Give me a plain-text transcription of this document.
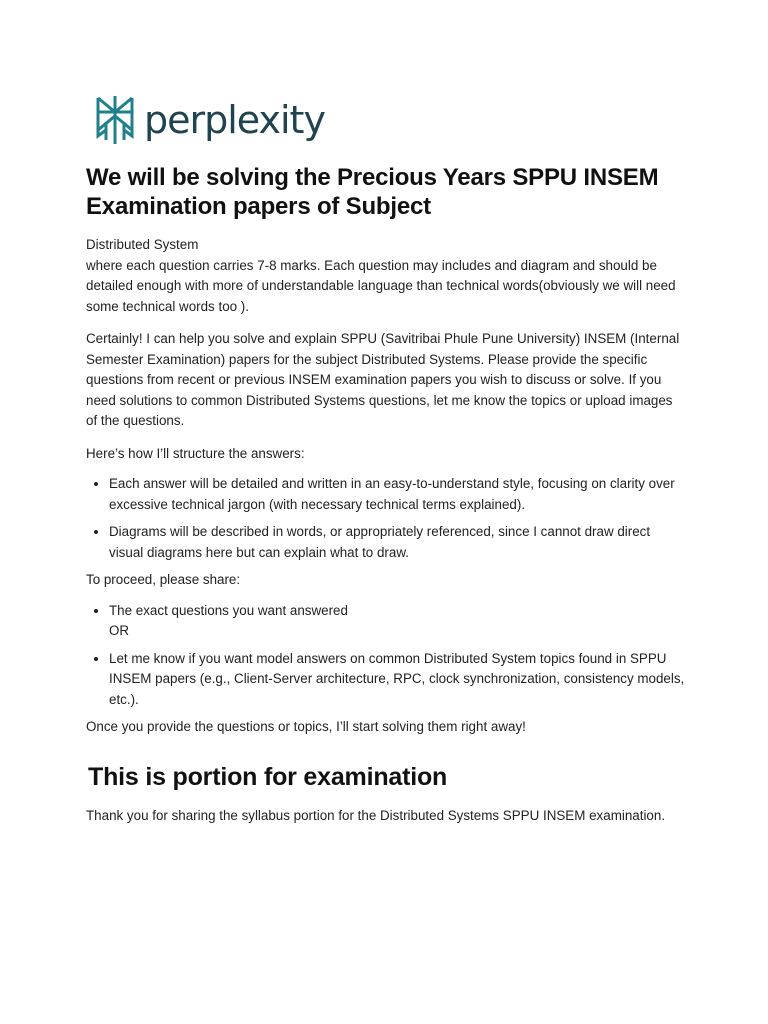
perplexity
We will be solving the Precious Years SPPU INSEM Examination papers of Subject

Distributed System

where each question carries 7-8 marks. Each question may includes and diagram and should be detailed enough with more of understandable language than technical words(obviously we will need some technical words too ).

Certainly! I can help you solve and explain SPPU (Savitribai Phule Pune University) INSEM (Internal Semester Examination) papers for the subject Distributed Systems. Please provide the specific questions from recent or previous INSEM examination papers you wish to discuss or solve. If you need solutions to common Distributed Systems questions, let me know the topics or upload images of the questions.

Here’s how I’ll structure the answers:

• Each answer will be detailed and written in an easy-to-understand style, focusing on clarity over excessive technical jargon (with necessary technical terms explained).
• Diagrams will be described in words, or appropriately referenced, since I cannot draw direct visual diagrams here but can explain what to draw.

To proceed, please share:

• The exact questions you want answered
OR
• Let me know if you want model answers on common Distributed System topics found in SPPU INSEM papers (e.g., Client-Server architecture, RPC, clock synchronization, consistency models, etc.).

Once you provide the questions or topics, I’ll start solving them right away!

This is portion for examination

Thank you for sharing the syllabus portion for the Distributed Systems SPPU INSEM examination.
